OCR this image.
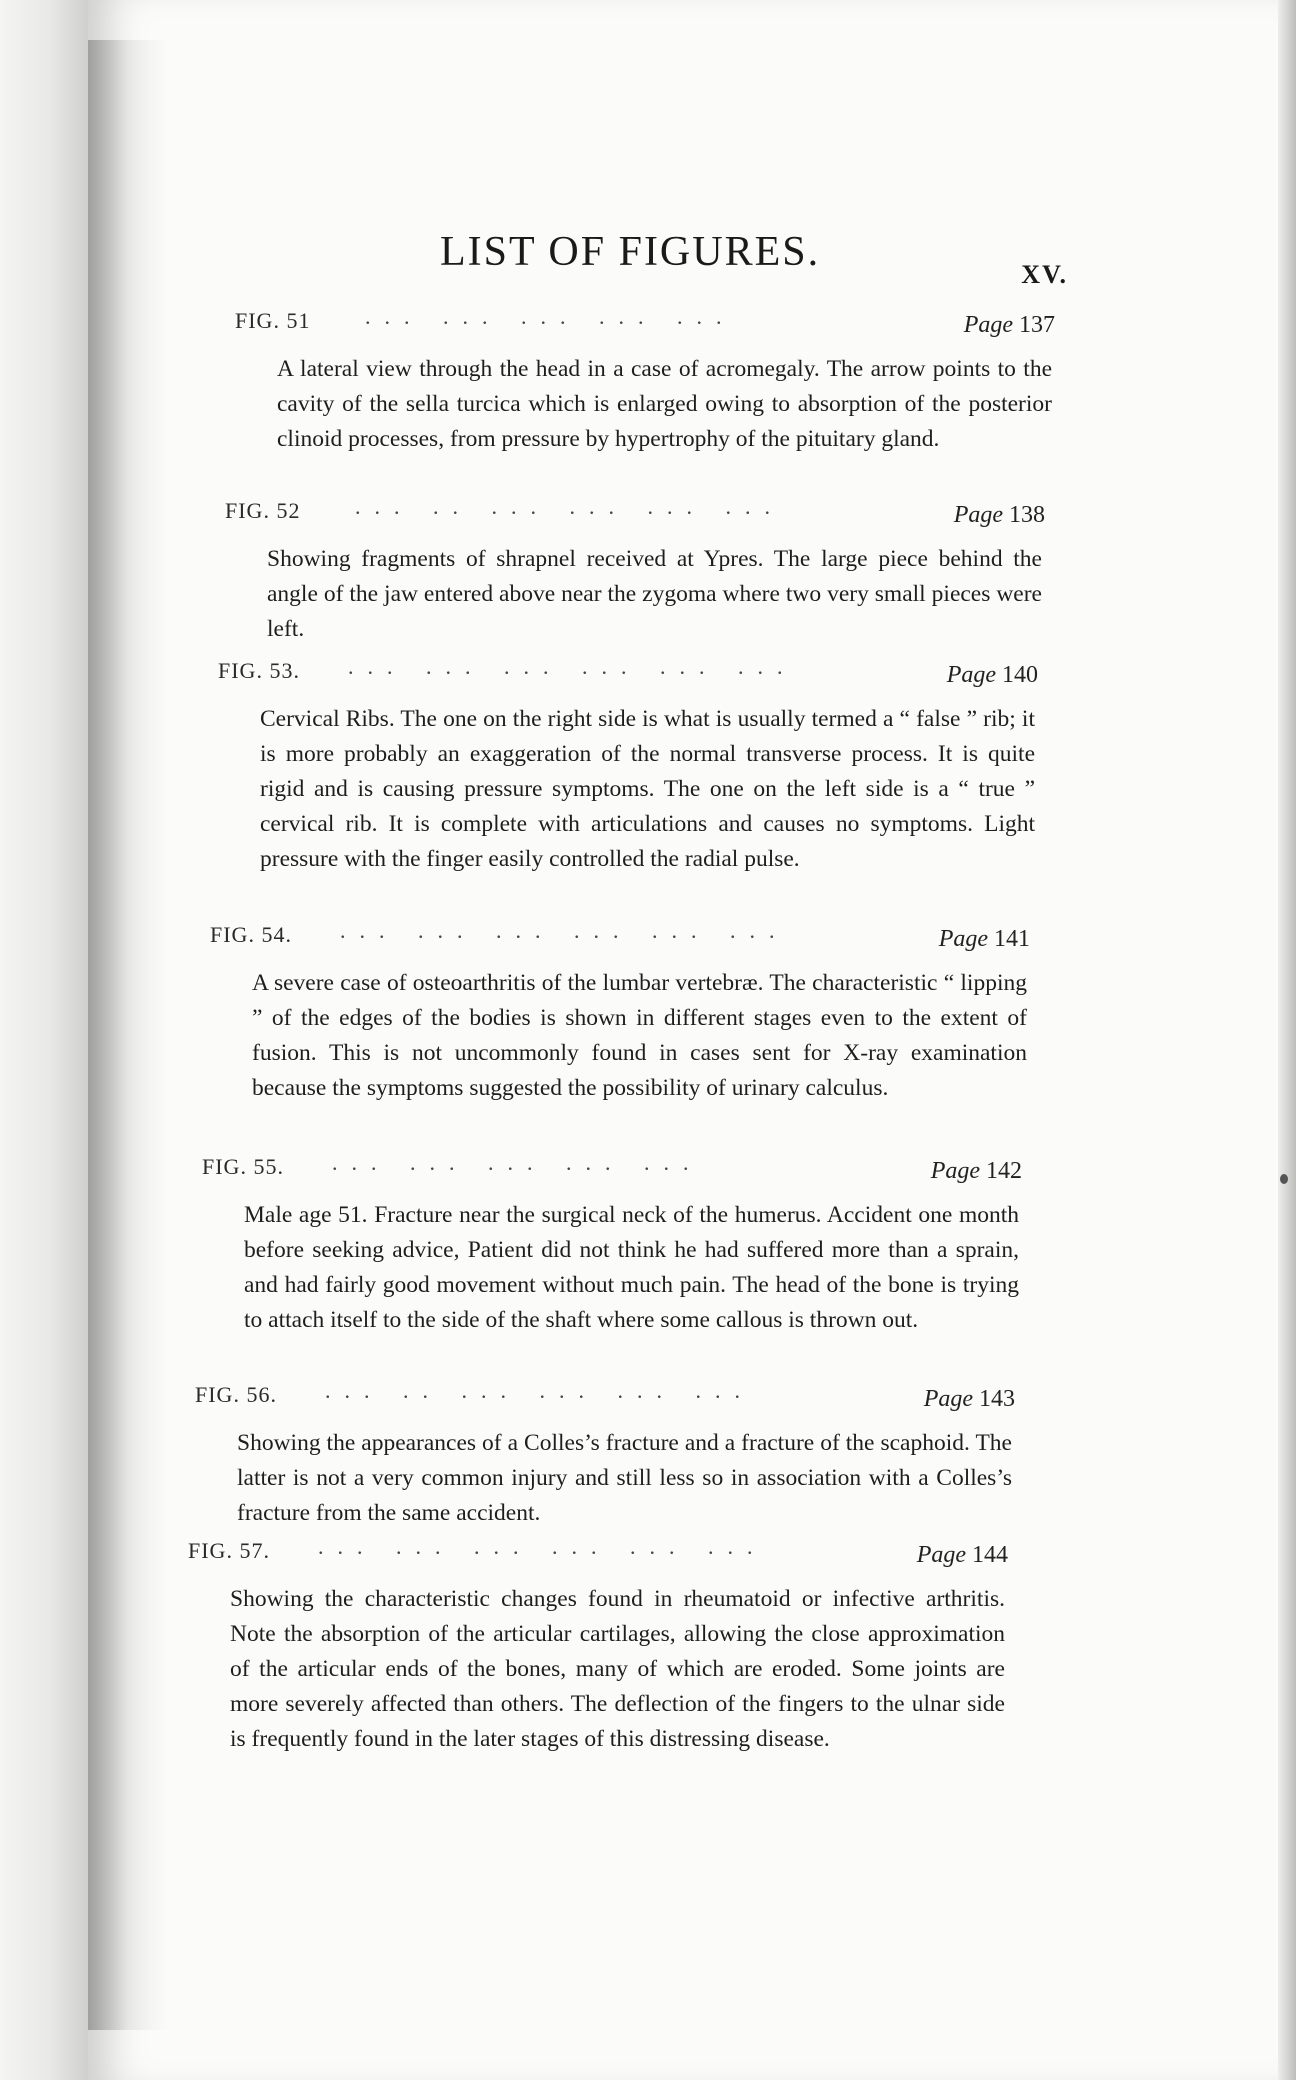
LIST OF FIGURES.	XV.
FIG. 51 ... ... ... ... ...	Page 137
A lateral view through the head in a case of acromegaly. The arrow points to the cavity of the sella turcica which is enlarged owing to absorption of the posterior clinoid processes, from pressure by hypertrophy of the pituitary gland.
FIG. 52 ... .. ... ... ... ...	Page 138
Showing fragments of shrapnel received at Ypres. The large piece behind the angle of the jaw entered above near the zygoma where two very small pieces were left.
FIG. 53. ... ... ... ... ... ...	Page 140
Cervical Ribs. The one on the right side is what is usually termed a “ false ” rib; it is more probably an exaggeration of the normal transverse process. It is quite rigid and is causing pressure symptoms. The one on the left side is a “ true ” cervical rib. It is complete with articulations and causes no symptoms. Light pressure with the finger easily controlled the radial pulse.
FIG. 54. ... ... ... ... ... ...	Page 141
A severe case of osteoarthritis of the lumbar vertebræ. The characteristic “ lipping ” of the edges of the bodies is shown in different stages even to the extent of fusion. This is not uncommonly found in cases sent for X-ray examination because the symptoms suggested the possibility of urinary calculus.
FIG. 55. ... ... ... ... ...	Page 142
Male age 51. Fracture near the surgical neck of the humerus. Accident one month before seeking advice, Patient did not think he had suffered more than a sprain, and had fairly good movement without much pain. The head of the bone is trying to attach itself to the side of the shaft where some callous is thrown out.
FIG. 56. ... .. ... ... ... ...	Page 143
Showing the appearances of a Colles’s fracture and a fracture of the scaphoid. The latter is not a very common injury and still less so in association with a Colles’s fracture from the same accident.
FIG. 57. ... ... ... ... ... ...	Page 144
Showing the characteristic changes found in rheumatoid or infective arthritis. Note the absorption of the articular cartilages, allowing the close approximation of the articular ends of the bones, many of which are eroded. Some joints are more severely affected than others. The deflection of the fingers to the ulnar side is frequently found in the later stages of this distressing disease.
